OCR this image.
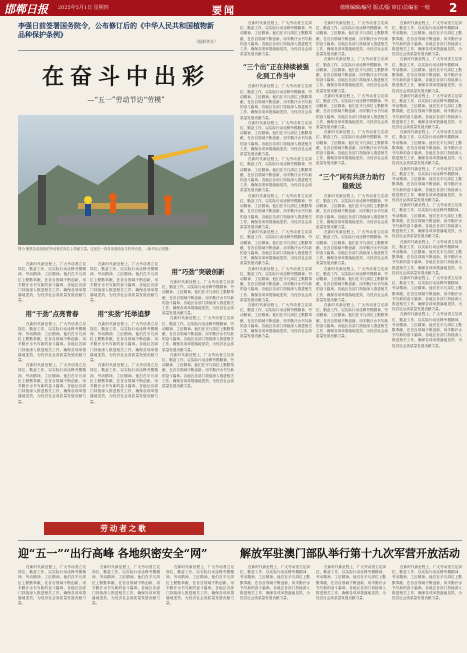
邯郸日报 2025年5月1日 星期四	要闻	值班编辑/编号 版式/版 审订/总编室 一校 2
李强日前签署国务院令，公布修订后的《中华人民共和国植物新品种保护条例》
（据新华社）
在奋斗中出彩
—“五一”劳动节访“劳模”
图为 聚焦各条战线的劳动者在岗位上奉献力量。这里在一线各条战线奋斗的劳动者。（新华社记者摄）

在新时代新征程上，广大劳动者立足岗位，勤奋工作，以实际行动诠释劳模精神、劳动精神、工匠精神。他们在平凡岗位上默默奉献，在各自领域不断创新，用辛勤汗水书写新的奋斗篇章。各地区各部门持续深入推进相关工作，确保各项举措落地见效，为经济社会高质量发展贡献力量。

用“干劲”点亮青春

在新时代新征程上，广大劳动者立足岗位，勤奋工作，以实际行动诠释劳模精神、劳动精神、工匠精神。他们在平凡岗位上默默奉献，在各自领域不断创新，用辛勤汗水书写新的奋斗篇章。各地区各部门持续深入推进相关工作，确保各项举措落地见效，为经济社会高质量发展贡献力量。

在新时代新征程上，广大劳动者立足岗位，勤奋工作，以实际行动诠释劳模精神、劳动精神、工匠精神。他们在平凡岗位上默默奉献，在各自领域不断创新，用辛勤汗水书写新的奋斗篇章。各地区各部门持续深入推进相关工作，确保各项举措落地见效，为经济社会高质量发展贡献力量。

在新时代新征程上，广大劳动者立足岗位，勤奋工作，以实际行动诠释劳模精神、劳动精神、工匠精神。他们在平凡岗位上默默奉献，在各自领域不断创新，用辛勤汗水书写新的奋斗篇章。各地区各部门持续深入推进相关工作，确保各项举措落地见效，为经济社会高质量发展贡献力量。

用“实劲”托举追梦

在新时代新征程上，广大劳动者立足岗位，勤奋工作，以实际行动诠释劳模精神、劳动精神、工匠精神。他们在平凡岗位上默默奉献，在各自领域不断创新，用辛勤汗水书写新的奋斗篇章。各地区各部门持续深入推进相关工作，确保各项举措落地见效，为经济社会高质量发展贡献力量。

在新时代新征程上，广大劳动者立足岗位，勤奋工作，以实际行动诠释劳模精神、劳动精神、工匠精神。他们在平凡岗位上默默奉献，在各自领域不断创新，用辛勤汗水书写新的奋斗篇章。各地区各部门持续深入推进相关工作，确保各项举措落地见效，为经济社会高质量发展贡献力量。

用“巧劲”突破创新

在新时代新征程上，广大劳动者立足岗位，勤奋工作，以实际行动诠释劳模精神、劳动精神、工匠精神。他们在平凡岗位上默默奉献，在各自领域不断创新，用辛勤汗水书写新的奋斗篇章。各地区各部门持续深入推进相关工作，确保各项举措落地见效，为经济社会高质量发展贡献力量。

在新时代新征程上，广大劳动者立足岗位，勤奋工作，以实际行动诠释劳模精神、劳动精神、工匠精神。他们在平凡岗位上默默奉献，在各自领域不断创新，用辛勤汗水书写新的奋斗篇章。各地区各部门持续深入推进相关工作，确保各项举措落地见效，为经济社会高质量发展贡献力量。

在新时代新征程上，广大劳动者立足岗位，勤奋工作，以实际行动诠释劳模精神、劳动精神、工匠精神。他们在平凡岗位上默默奉献，在各自领域不断创新，用辛勤汗水书写新的奋斗篇章。各地区各部门持续深入推进相关工作，确保各项举措落地见效，为经济社会高质量发展贡献力量。

劳动者之歌

在新时代新征程上，广大劳动者立足岗位，勤奋工作，以实际行动诠释劳模精神、劳动精神、工匠精神。他们在平凡岗位上默默奉献，在各自领域不断创新，用辛勤汗水书写新的奋斗篇章。各地区各部门持续深入推进相关工作，确保各项举措落地见效，为经济社会高质量发展贡献力量。

“三个出”正在持续被强化到工作当中

在新时代新征程上，广大劳动者立足岗位，勤奋工作，以实际行动诠释劳模精神、劳动精神、工匠精神。他们在平凡岗位上默默奉献，在各自领域不断创新，用辛勤汗水书写新的奋斗篇章。各地区各部门持续深入推进相关工作，确保各项举措落地见效，为经济社会高质量发展贡献力量。

在新时代新征程上，广大劳动者立足岗位，勤奋工作，以实际行动诠释劳模精神、劳动精神、工匠精神。他们在平凡岗位上默默奉献，在各自领域不断创新，用辛勤汗水书写新的奋斗篇章。各地区各部门持续深入推进相关工作，确保各项举措落地见效，为经济社会高质量发展贡献力量。

在新时代新征程上，广大劳动者立足岗位，勤奋工作，以实际行动诠释劳模精神、劳动精神、工匠精神。他们在平凡岗位上默默奉献，在各自领域不断创新，用辛勤汗水书写新的奋斗篇章。各地区各部门持续深入推进相关工作，确保各项举措落地见效，为经济社会高质量发展贡献力量。

在新时代新征程上，广大劳动者立足岗位，勤奋工作，以实际行动诠释劳模精神、劳动精神、工匠精神。他们在平凡岗位上默默奉献，在各自领域不断创新，用辛勤汗水书写新的奋斗篇章。各地区各部门持续深入推进相关工作，确保各项举措落地见效，为经济社会高质量发展贡献力量。

在新时代新征程上，广大劳动者立足岗位，勤奋工作，以实际行动诠释劳模精神、劳动精神、工匠精神。他们在平凡岗位上默默奉献，在各自领域不断创新，用辛勤汗水书写新的奋斗篇章。各地区各部门持续深入推进相关工作，确保各项举措落地见效，为经济社会高质量发展贡献力量。

在新时代新征程上，广大劳动者立足岗位，勤奋工作，以实际行动诠释劳模精神、劳动精神、工匠精神。他们在平凡岗位上默默奉献，在各自领域不断创新，用辛勤汗水书写新的奋斗篇章。各地区各部门持续深入推进相关工作，确保各项举措落地见效，为经济社会高质量发展贡献力量。

在新时代新征程上，广大劳动者立足岗位，勤奋工作，以实际行动诠释劳模精神、劳动精神、工匠精神。他们在平凡岗位上默默奉献，在各自领域不断创新，用辛勤汗水书写新的奋斗篇章。各地区各部门持续深入推进相关工作，确保各项举措落地见效，为经济社会高质量发展贡献力量。

在新时代新征程上，广大劳动者立足岗位，勤奋工作，以实际行动诠释劳模精神、劳动精神、工匠精神。他们在平凡岗位上默默奉献，在各自领域不断创新，用辛勤汗水书写新的奋斗篇章。各地区各部门持续深入推进相关工作，确保各项举措落地见效，为经济社会高质量发展贡献力量。

在新时代新征程上，广大劳动者立足岗位，勤奋工作，以实际行动诠释劳模精神、劳动精神、工匠精神。他们在平凡岗位上默默奉献，在各自领域不断创新，用辛勤汗水书写新的奋斗篇章。各地区各部门持续深入推进相关工作，确保各项举措落地见效，为经济社会高质量发展贡献力量。

在新时代新征程上，广大劳动者立足岗位，勤奋工作，以实际行动诠释劳模精神、劳动精神、工匠精神。他们在平凡岗位上默默奉献，在各自领域不断创新，用辛勤汗水书写新的奋斗篇章。各地区各部门持续深入推进相关工作，确保各项举措落地见效，为经济社会高质量发展贡献力量。

在新时代新征程上，广大劳动者立足岗位，勤奋工作，以实际行动诠释劳模精神、劳动精神、工匠精神。他们在平凡岗位上默默奉献，在各自领域不断创新，用辛勤汗水书写新的奋斗篇章。各地区各部门持续深入推进相关工作，确保各项举措落地见效，为经济社会高质量发展贡献力量。

“三个”同有共济力助行稳致远

在新时代新征程上，广大劳动者立足岗位，勤奋工作，以实际行动诠释劳模精神、劳动精神、工匠精神。他们在平凡岗位上默默奉献，在各自领域不断创新，用辛勤汗水书写新的奋斗篇章。各地区各部门持续深入推进相关工作，确保各项举措落地见效，为经济社会高质量发展贡献力量。

在新时代新征程上，广大劳动者立足岗位，勤奋工作，以实际行动诠释劳模精神、劳动精神、工匠精神。他们在平凡岗位上默默奉献，在各自领域不断创新，用辛勤汗水书写新的奋斗篇章。各地区各部门持续深入推进相关工作，确保各项举措落地见效，为经济社会高质量发展贡献力量。

在新时代新征程上，广大劳动者立足岗位，勤奋工作，以实际行动诠释劳模精神、劳动精神、工匠精神。他们在平凡岗位上默默奉献，在各自领域不断创新，用辛勤汗水书写新的奋斗篇章。各地区各部门持续深入推进相关工作，确保各项举措落地见效，为经济社会高质量发展贡献力量。

在新时代新征程上，广大劳动者立足岗位，勤奋工作，以实际行动诠释劳模精神、劳动精神、工匠精神。他们在平凡岗位上默默奉献，在各自领域不断创新，用辛勤汗水书写新的奋斗篇章。各地区各部门持续深入推进相关工作，确保各项举措落地见效，为经济社会高质量发展贡献力量。

在新时代新征程上，广大劳动者立足岗位，勤奋工作，以实际行动诠释劳模精神、劳动精神、工匠精神。他们在平凡岗位上默默奉献，在各自领域不断创新，用辛勤汗水书写新的奋斗篇章。各地区各部门持续深入推进相关工作，确保各项举措落地见效，为经济社会高质量发展贡献力量。

在新时代新征程上，广大劳动者立足岗位，勤奋工作，以实际行动诠释劳模精神、劳动精神、工匠精神。他们在平凡岗位上默默奉献，在各自领域不断创新，用辛勤汗水书写新的奋斗篇章。各地区各部门持续深入推进相关工作，确保各项举措落地见效，为经济社会高质量发展贡献力量。

在新时代新征程上，广大劳动者立足岗位，勤奋工作，以实际行动诠释劳模精神、劳动精神、工匠精神。他们在平凡岗位上默默奉献，在各自领域不断创新，用辛勤汗水书写新的奋斗篇章。各地区各部门持续深入推进相关工作，确保各项举措落地见效，为经济社会高质量发展贡献力量。

在新时代新征程上，广大劳动者立足岗位，勤奋工作，以实际行动诠释劳模精神、劳动精神、工匠精神。他们在平凡岗位上默默奉献，在各自领域不断创新，用辛勤汗水书写新的奋斗篇章。各地区各部门持续深入推进相关工作，确保各项举措落地见效，为经济社会高质量发展贡献力量。

在新时代新征程上，广大劳动者立足岗位，勤奋工作，以实际行动诠释劳模精神、劳动精神、工匠精神。他们在平凡岗位上默默奉献，在各自领域不断创新，用辛勤汗水书写新的奋斗篇章。各地区各部门持续深入推进相关工作，确保各项举措落地见效，为经济社会高质量发展贡献力量。

在新时代新征程上，广大劳动者立足岗位，勤奋工作，以实际行动诠释劳模精神、劳动精神、工匠精神。他们在平凡岗位上默默奉献，在各自领域不断创新，用辛勤汗水书写新的奋斗篇章。各地区各部门持续深入推进相关工作，确保各项举措落地见效，为经济社会高质量发展贡献力量。

在新时代新征程上，广大劳动者立足岗位，勤奋工作，以实际行动诠释劳模精神、劳动精神、工匠精神。他们在平凡岗位上默默奉献，在各自领域不断创新，用辛勤汗水书写新的奋斗篇章。各地区各部门持续深入推进相关工作，确保各项举措落地见效，为经济社会高质量发展贡献力量。

在新时代新征程上，广大劳动者立足岗位，勤奋工作，以实际行动诠释劳模精神、劳动精神、工匠精神。他们在平凡岗位上默默奉献，在各自领域不断创新，用辛勤汗水书写新的奋斗篇章。各地区各部门持续深入推进相关工作，确保各项举措落地见效，为经济社会高质量发展贡献力量。

在新时代新征程上，广大劳动者立足岗位，勤奋工作，以实际行动诠释劳模精神、劳动精神、工匠精神。他们在平凡岗位上默默奉献，在各自领域不断创新，用辛勤汗水书写新的奋斗篇章。各地区各部门持续深入推进相关工作，确保各项举措落地见效，为经济社会高质量发展贡献力量。

迎“五一”“出行高峰 各地织密安全“网”

在新时代新征程上，广大劳动者立足岗位，勤奋工作，以实际行动诠释劳模精神、劳动精神、工匠精神。他们在平凡岗位上默默奉献，在各自领域不断创新，用辛勤汗水书写新的奋斗篇章。各地区各部门持续深入推进相关工作，确保各项举措落地见效，为经济社会高质量发展贡献力量。

在新时代新征程上，广大劳动者立足岗位，勤奋工作，以实际行动诠释劳模精神、劳动精神、工匠精神。他们在平凡岗位上默默奉献，在各自领域不断创新，用辛勤汗水书写新的奋斗篇章。各地区各部门持续深入推进相关工作，确保各项举措落地见效，为经济社会高质量发展贡献力量。

在新时代新征程上，广大劳动者立足岗位，勤奋工作，以实际行动诠释劳模精神、劳动精神、工匠精神。他们在平凡岗位上默默奉献，在各自领域不断创新，用辛勤汗水书写新的奋斗篇章。各地区各部门持续深入推进相关工作，确保各项举措落地见效，为经济社会高质量发展贡献力量。

解放军驻澳门部队举行第十九次军营开放活动

在新时代新征程上，广大劳动者立足岗位，勤奋工作，以实际行动诠释劳模精神、劳动精神、工匠精神。他们在平凡岗位上默默奉献，在各自领域不断创新，用辛勤汗水书写新的奋斗篇章。各地区各部门持续深入推进相关工作，确保各项举措落地见效，为经济社会高质量发展贡献力量。

在新时代新征程上，广大劳动者立足岗位，勤奋工作，以实际行动诠释劳模精神、劳动精神、工匠精神。他们在平凡岗位上默默奉献，在各自领域不断创新，用辛勤汗水书写新的奋斗篇章。各地区各部门持续深入推进相关工作，确保各项举措落地见效，为经济社会高质量发展贡献力量。

在新时代新征程上，广大劳动者立足岗位，勤奋工作，以实际行动诠释劳模精神、劳动精神、工匠精神。他们在平凡岗位上默默奉献，在各自领域不断创新，用辛勤汗水书写新的奋斗篇章。各地区各部门持续深入推进相关工作，确保各项举措落地见效，为经济社会高质量发展贡献力量。
